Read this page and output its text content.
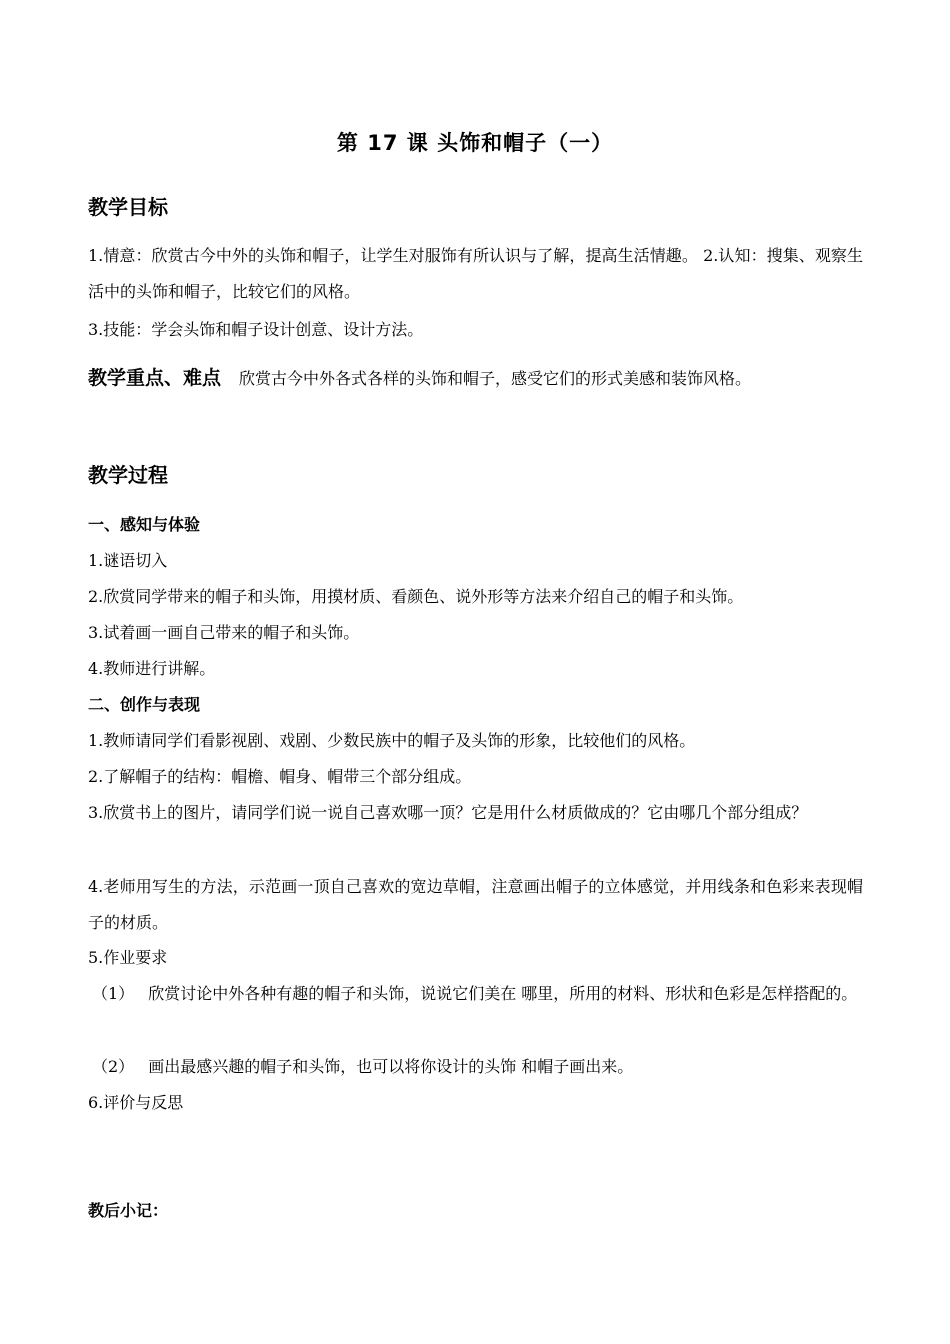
第 17 课 头饰和帽子（一）
教学目标
1.情意：欣赏古今中外的头饰和帽子，让学生对服饰有所认识与了解，提高生活情趣。 2.认知：搜集、观察生活中的头饰和帽子，比较它们的风格。
3.技能：学会头饰和帽子设计创意、设计方法。
教学重点、难点 欣赏古今中外各式各样的头饰和帽子，感受它们的形式美感和装饰风格。
教学过程
一、感知与体验
1.谜语切入
2.欣赏同学带来的帽子和头饰，用摸材质、看颜色、说外形等方法来介绍自己的帽子和头饰。
3.试着画一画自己带来的帽子和头饰。
4.教师进行讲解。
二、创作与表现
1.教师请同学们看影视剧、戏剧、少数民族中的帽子及头饰的形象，比较他们的风格。
2.了解帽子的结构：帽檐、帽身、帽带三个部分组成。
3.欣赏书上的图片，请同学们说一说自己喜欢哪一顶？它是用什么材质做成的？它由哪几个部分组成？
4.老师用写生的方法，示范画一顶自己喜欢的宽边草帽，注意画出帽子的立体感觉，并用线条和色彩来表现帽子的材质。
5.作业要求
（1） 欣赏讨论中外各种有趣的帽子和头饰，说说它们美在 哪里，所用的材料、形状和色彩是怎样搭配的。
（2） 画出最感兴趣的帽子和头饰，也可以将你设计的头饰 和帽子画出来。
6.评价与反思
教后小记：
